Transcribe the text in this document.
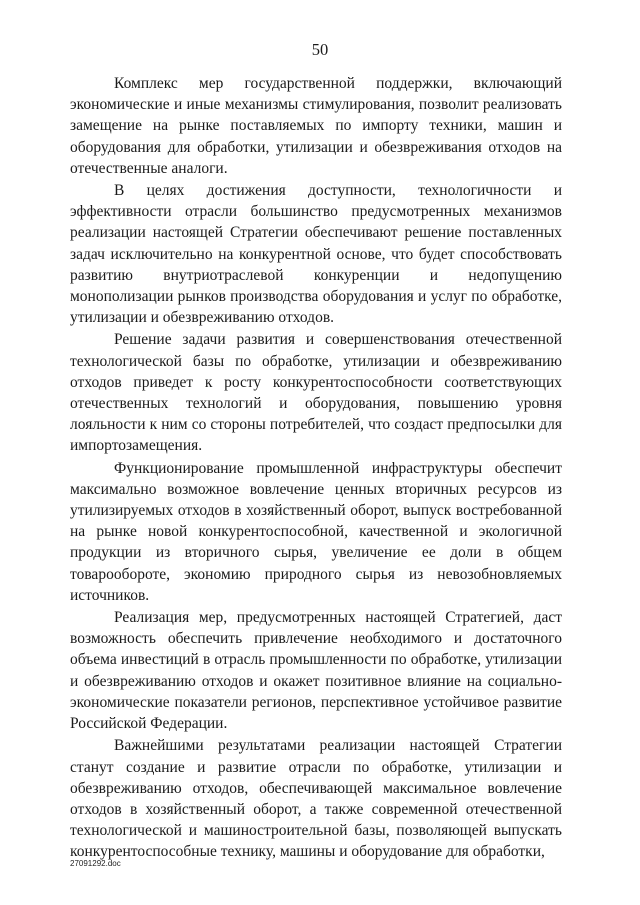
50

Комплекс мер государственной поддержки, включающий экономические и иные механизмы стимулирования, позволит реализовать замещение на рынке поставляемых по импорту техники, машин и оборудования для обработки, утилизации и обезвреживания отходов на отечественные аналоги.

В целях достижения доступности, технологичности и эффективности отрасли большинство предусмотренных механизмов реализации настоящей Стратегии обеспечивают решение поставленных задач исключительно на конкурентной основе, что будет способствовать развитию внутриотраслевой конкуренции и недопущению монополизации рынков производства оборудования и услуг по обработке, утилизации и обезвреживанию отходов.

Решение задачи развития и совершенствования отечественной технологической базы по обработке, утилизации и обезвреживанию отходов приведет к росту конкурентоспособности соответствующих отечественных технологий и оборудования, повышению уровня лояльности к ним со стороны потребителей, что создаст предпосылки для импортозамещения.

Функционирование промышленной инфраструктуры обеспечит максимально возможное вовлечение ценных вторичных ресурсов из утилизируемых отходов в хозяйственный оборот, выпуск востребованной на рынке новой конкурентоспособной, качественной и экологичной продукции из вторичного сырья, увеличение ее доли в общем товарообороте, экономию природного сырья из невозобновляемых источников.

Реализация мер, предусмотренных настоящей Стратегией, даст возможность обеспечить привлечение необходимого и достаточного объема инвестиций в отрасль промышленности по обработке, утилизации и обезвреживанию отходов и окажет позитивное влияние на социально-экономические показатели регионов, перспективное устойчивое развитие Российской Федерации.

Важнейшими результатами реализации настоящей Стратегии станут создание и развитие отрасли по обработке, утилизации и обезвреживанию отходов, обеспечивающей максимальное вовлечение отходов в хозяйственный оборот, а также современной отечественной технологической и машиностроительной базы, позволяющей выпускать конкурентоспособные технику, машины и оборудование для обработки,

27091292.doc
